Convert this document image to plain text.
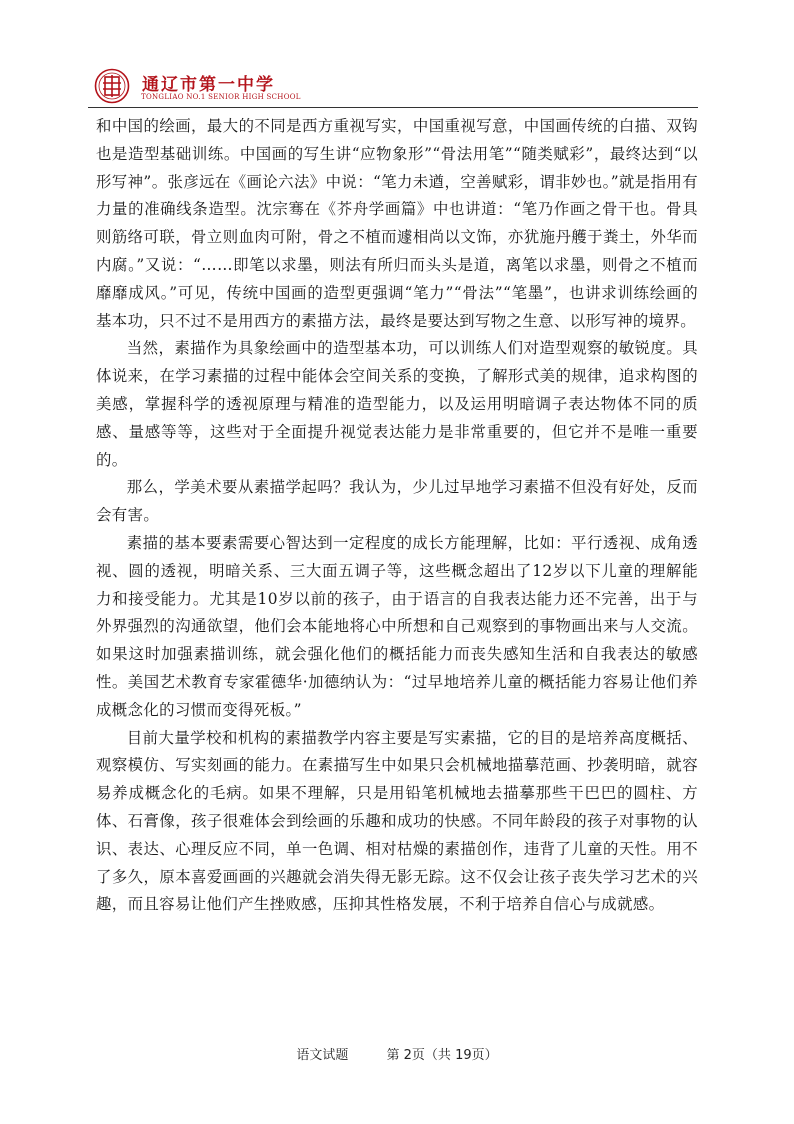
通辽市第一中学
TONGLIAO NO.1 SENIOR HIGH SCHOOL

和中国的绘画，最大的不同是西方重视写实，中国重视写意，中国画传统的白描、双钩也是造型基础训练。中国画的写生讲“应物象形”“骨法用笔”“随类赋彩”，最终达到“以形写神”。张彦远在《画论六法》中说：“笔力未遒，空善赋彩，谓非妙也。”就是指用有力量的准确线条造型。沈宗骞在《芥舟学画篇》中也讲道：“笔乃作画之骨干也。骨具则筋络可联，骨立则血肉可附，骨之不植而遽相尚以文饰，亦犹施丹艧于粪土，外华而内腐。”又说：“……即笔以求墨，则法有所归而头头是道，离笔以求墨，则骨之不植而靡靡成风。”可见，传统中国画的造型更强调“笔力”“骨法”“笔墨”，也讲求训练绘画的基本功，只不过不是用西方的素描方法，最终是要达到写物之生意、以形写神的境界。

当然，素描作为具象绘画中的造型基本功，可以训练人们对造型观察的敏锐度。具体说来，在学习素描的过程中能体会空间关系的变换，了解形式美的规律，追求构图的美感，掌握科学的透视原理与精准的造型能力，以及运用明暗调子表达物体不同的质感、量感等等，这些对于全面提升视觉表达能力是非常重要的，但它并不是唯一重要的。

那么，学美术要从素描学起吗？我认为，少儿过早地学习素描不但没有好处，反而会有害。

素描的基本要素需要心智达到一定程度的成长方能理解，比如：平行透视、成角透视、圆的透视，明暗关系、三大面五调子等，这些概念超出了12岁以下儿童的理解能力和接受能力。尤其是10岁以前的孩子，由于语言的自我表达能力还不完善，出于与外界强烈的沟通欲望，他们会本能地将心中所想和自己观察到的事物画出来与人交流。如果这时加强素描训练，就会强化他们的概括能力而丧失感知生活和自我表达的敏感性。美国艺术教育专家霍德华·加德纳认为：“过早地培养儿童的概括能力容易让他们养成概念化的习惯而变得死板。”

目前大量学校和机构的素描教学内容主要是写实素描，它的目的是培养高度概括、观察模仿、写实刻画的能力。在素描写生中如果只会机械地描摹范画、抄袭明暗，就容易养成概念化的毛病。如果不理解，只是用铅笔机械地去描摹那些干巴巴的圆柱、方体、石膏像，孩子很难体会到绘画的乐趣和成功的快感。不同年龄段的孩子对事物的认识、表达、心理反应不同，单一色调、相对枯燥的素描创作，违背了儿童的天性。用不了多久，原本喜爱画画的兴趣就会消失得无影无踪。这不仅会让孩子丧失学习艺术的兴趣，而且容易让他们产生挫败感，压抑其性格发展，不利于培养自信心与成就感。

语文试题	第 2页（共 19页）
